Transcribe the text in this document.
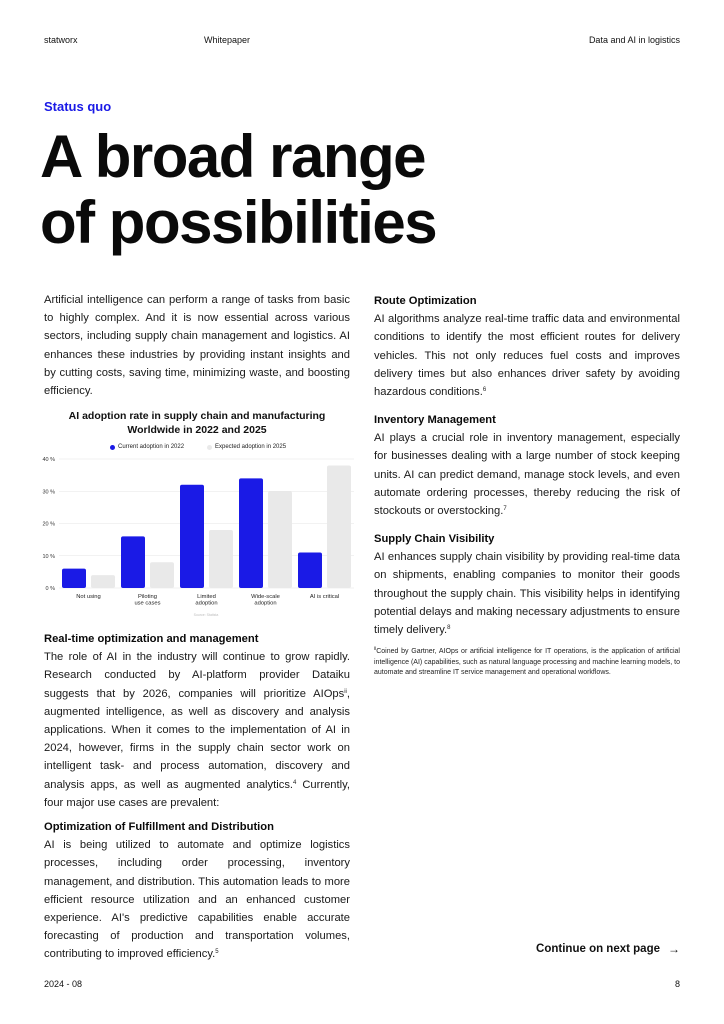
statworx	Whitepaper	Data and AI in logistics
Status quo
A broad range
of possibilities

Artificial intelligence can perform a range of tasks from basic to highly complex. And it is now essential across various sectors, including supply chain management and logistics. AI enhances these industries by providing instant insights and by cutting costs, saving time, minimizing waste, and boosting efficiency.

AI adoption rate in supply chain and manufacturing
Worldwide in 2022 and 2025
Current adoption in 2022	Expected adoption in 2025
40 %
30 %
20 %
10 %
0 %
Not using	Piloting
use cases
Limited
adoption
Wide-scale
adoption
AI is critical
Source: Statista
Real-time optimization and management

The role of AI in the industry will continue to grow rapidly. Research conducted by AI-platform provider Dataiku suggests that by 2026, companies will prioritize AIOps$^{ii}$, augmented intelligence, as well as discovery and analysis applications. When it comes to the implementation of AI in 2024, however, firms in the supply chain sector work on intelligent task- and process automation, discovery and analysis apps, as well as augmented analytics.$^4$ Currently, four major use cases are prevalent:

Optimization of Fulfillment and Distribution

AI is being utilized to automate and optimize logistics processes, including order processing, inventory management, and distribution. This automation leads to more efficient resource utilization and an enhanced customer experience. AI's predictive capabilities enable accurate forecasting of production and transportation volumes, contributing to improved efficiency.$^5$

Route Optimization

AI algorithms analyze real-time traffic data and environmental conditions to identify the most efficient routes for delivery vehicles. This not only reduces fuel costs and improves delivery times but also enhances driver safety by avoiding hazardous conditions.$^6$

Inventory Management

AI plays a crucial role in inventory management, especially for businesses dealing with a large number of stock keeping units. AI can predict demand, manage stock levels, and even automate ordering processes, thereby reducing the risk of stockouts or overstocking.$^7$

Supply Chain Visibility

AI enhances supply chain visibility by providing real-time data on shipments, enabling companies to monitor their goods throughout the supply chain. This visibility helps in identifying potential delays and making necessary adjustments to ensure timely delivery.$^8$

$^{ii}$Coined by Gartner, AIOps or artificial intelligence for IT operations, is the application of artificial intelligence (AI) capabilities, such as natural language processing and machine learning models, to automate and streamline IT service management and operational workflows.
Continue on next page →
2024 - 08	8
